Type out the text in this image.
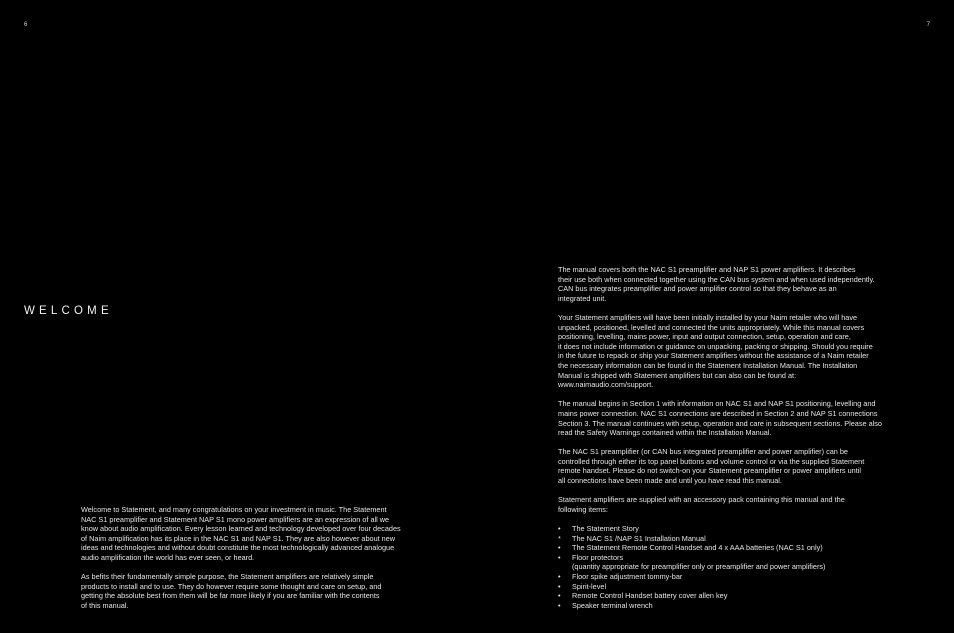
6	7
WELCOME

Welcome to Statement, and many congratulations on your investment in music. The Statement
NAC S1 preamplifier and Statement NAP S1 mono power amplifiers are an expression of all we
know about audio amplification. Every lesson learned and technology developed over four decades
of Naim amplification has its place in the NAC S1 and NAP S1. They are also however about new
ideas and technologies and without doubt constitute the most technologically advanced analogue
audio amplification the world has ever seen, or heard.

As befits their fundamentally simple purpose, the Statement amplifiers are relatively simple
products to install and to use. They do however require some thought and care on setup, and
getting the absolute best from them will be far more likely if you are familiar with the contents
of this manual.

The manual covers both the NAC S1 preamplifier and NAP S1 power amplifiers. It describes
their use both when connected together using the CAN bus system and when used independently.
CAN bus integrates preamplifier and power amplifier control so that they behave as an
integrated unit.

Your Statement amplifiers will have been initially installed by your Naim retailer who will have
unpacked, positioned, levelled and connected the units appropriately. While this manual covers
positioning, levelling, mains power, input and output connection, setup, operation and care,
it does not include information or guidance on unpacking, packing or shipping. Should you require
in the future to repack or ship your Statement amplifiers without the assistance of a Naim retailer
the necessary information can be found in the Statement Installation Manual. The Installation
Manual is shipped with Statement amplifiers but can also can be found at:
www.naimaudio.com/support.

The manual begins in Section 1 with information on NAC S1 and NAP S1 positioning, levelling and
mains power connection. NAC S1 connections are described in Section 2 and NAP S1 connections
Section 3. The manual continues with setup, operation and care in subsequent sections. Please also
read the Safety Warnings contained within the Installation Manual.

The NAC S1 preamplifier (or CAN bus integrated preamplifier and power amplifier) can be
controlled through either its top panel buttons and volume control or via the supplied Statement
remote handset. Please do not switch-on your Statement preamplifier or power amplifiers until
all connections have been made and until you have read this manual.

Statement amplifiers are supplied with an accessory pack containing this manual and the
following items:

• The Statement Story
* The NAC S1 /NAP S1 Installation Manual
• The Statement Remote Control Handset and 4 x AAA batteries (NAC S1 only)
• Floor protectors
(quantity appropriate for preamplifier only or preamplifier and power amplifiers)
• Floor spike adjustment tommy-bar
• Spirit-level
• Remote Control Handset battery cover allen key
• Speaker terminal wrench
